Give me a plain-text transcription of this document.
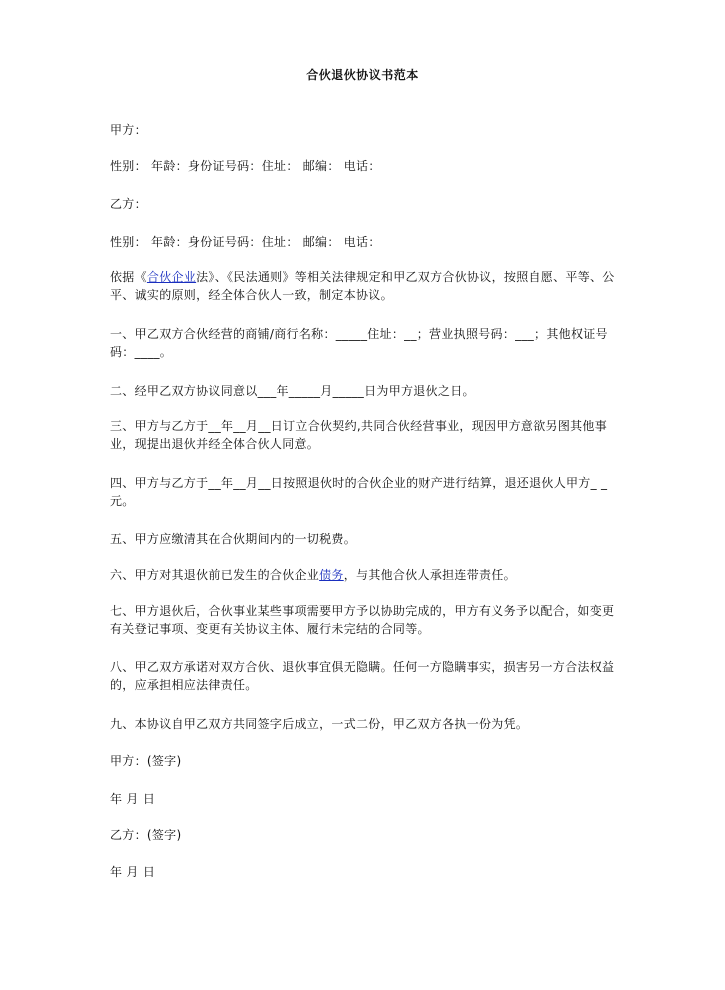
合伙退伙协议书范本
甲方：
性别： 年龄：身份证号码：住址： 邮编： 电话：
乙方：
性别： 年龄：身份证号码：住址： 邮编： 电话：
依据《合伙企业法》、《民法通则》等相关法律规定和甲乙双方合伙协议，按照自愿、平等、公平、诚实的原则，经全体合伙人一致，制定本协议。
一、甲乙双方合伙经营的商铺/商行名称：_____住址：__；营业执照号码：___；其他权证号码：____。
二、经甲乙双方协议同意以___年_____月_____日为甲方退伙之日。
三、甲方与乙方于__年__月__日订立合伙契约,共同合伙经营事业，现因甲方意欲另图其他事业，现提出退伙并经全体合伙人同意。
四、甲方与乙方于__年__月__日按照退伙时的合伙企业的财产进行结算，退还退伙人甲方_ _元。
五、甲方应缴清其在合伙期间内的一切税费。
六、甲方对其退伙前已发生的合伙企业债务，与其他合伙人承担连带责任。
七、甲方退伙后，合伙事业某些事项需要甲方予以协助完成的，甲方有义务予以配合，如变更有关登记事项、变更有关协议主体、履行未完结的合同等。
八、甲乙双方承诺对双方合伙、退伙事宜俱无隐瞒。任何一方隐瞒事实，损害另一方合法权益的，应承担相应法律责任。
九、本协议自甲乙双方共同签字后成立，一式二份，甲乙双方各执一份为凭。
甲方：(签字)
年 月 日
乙方：(签字)
年 月 日
